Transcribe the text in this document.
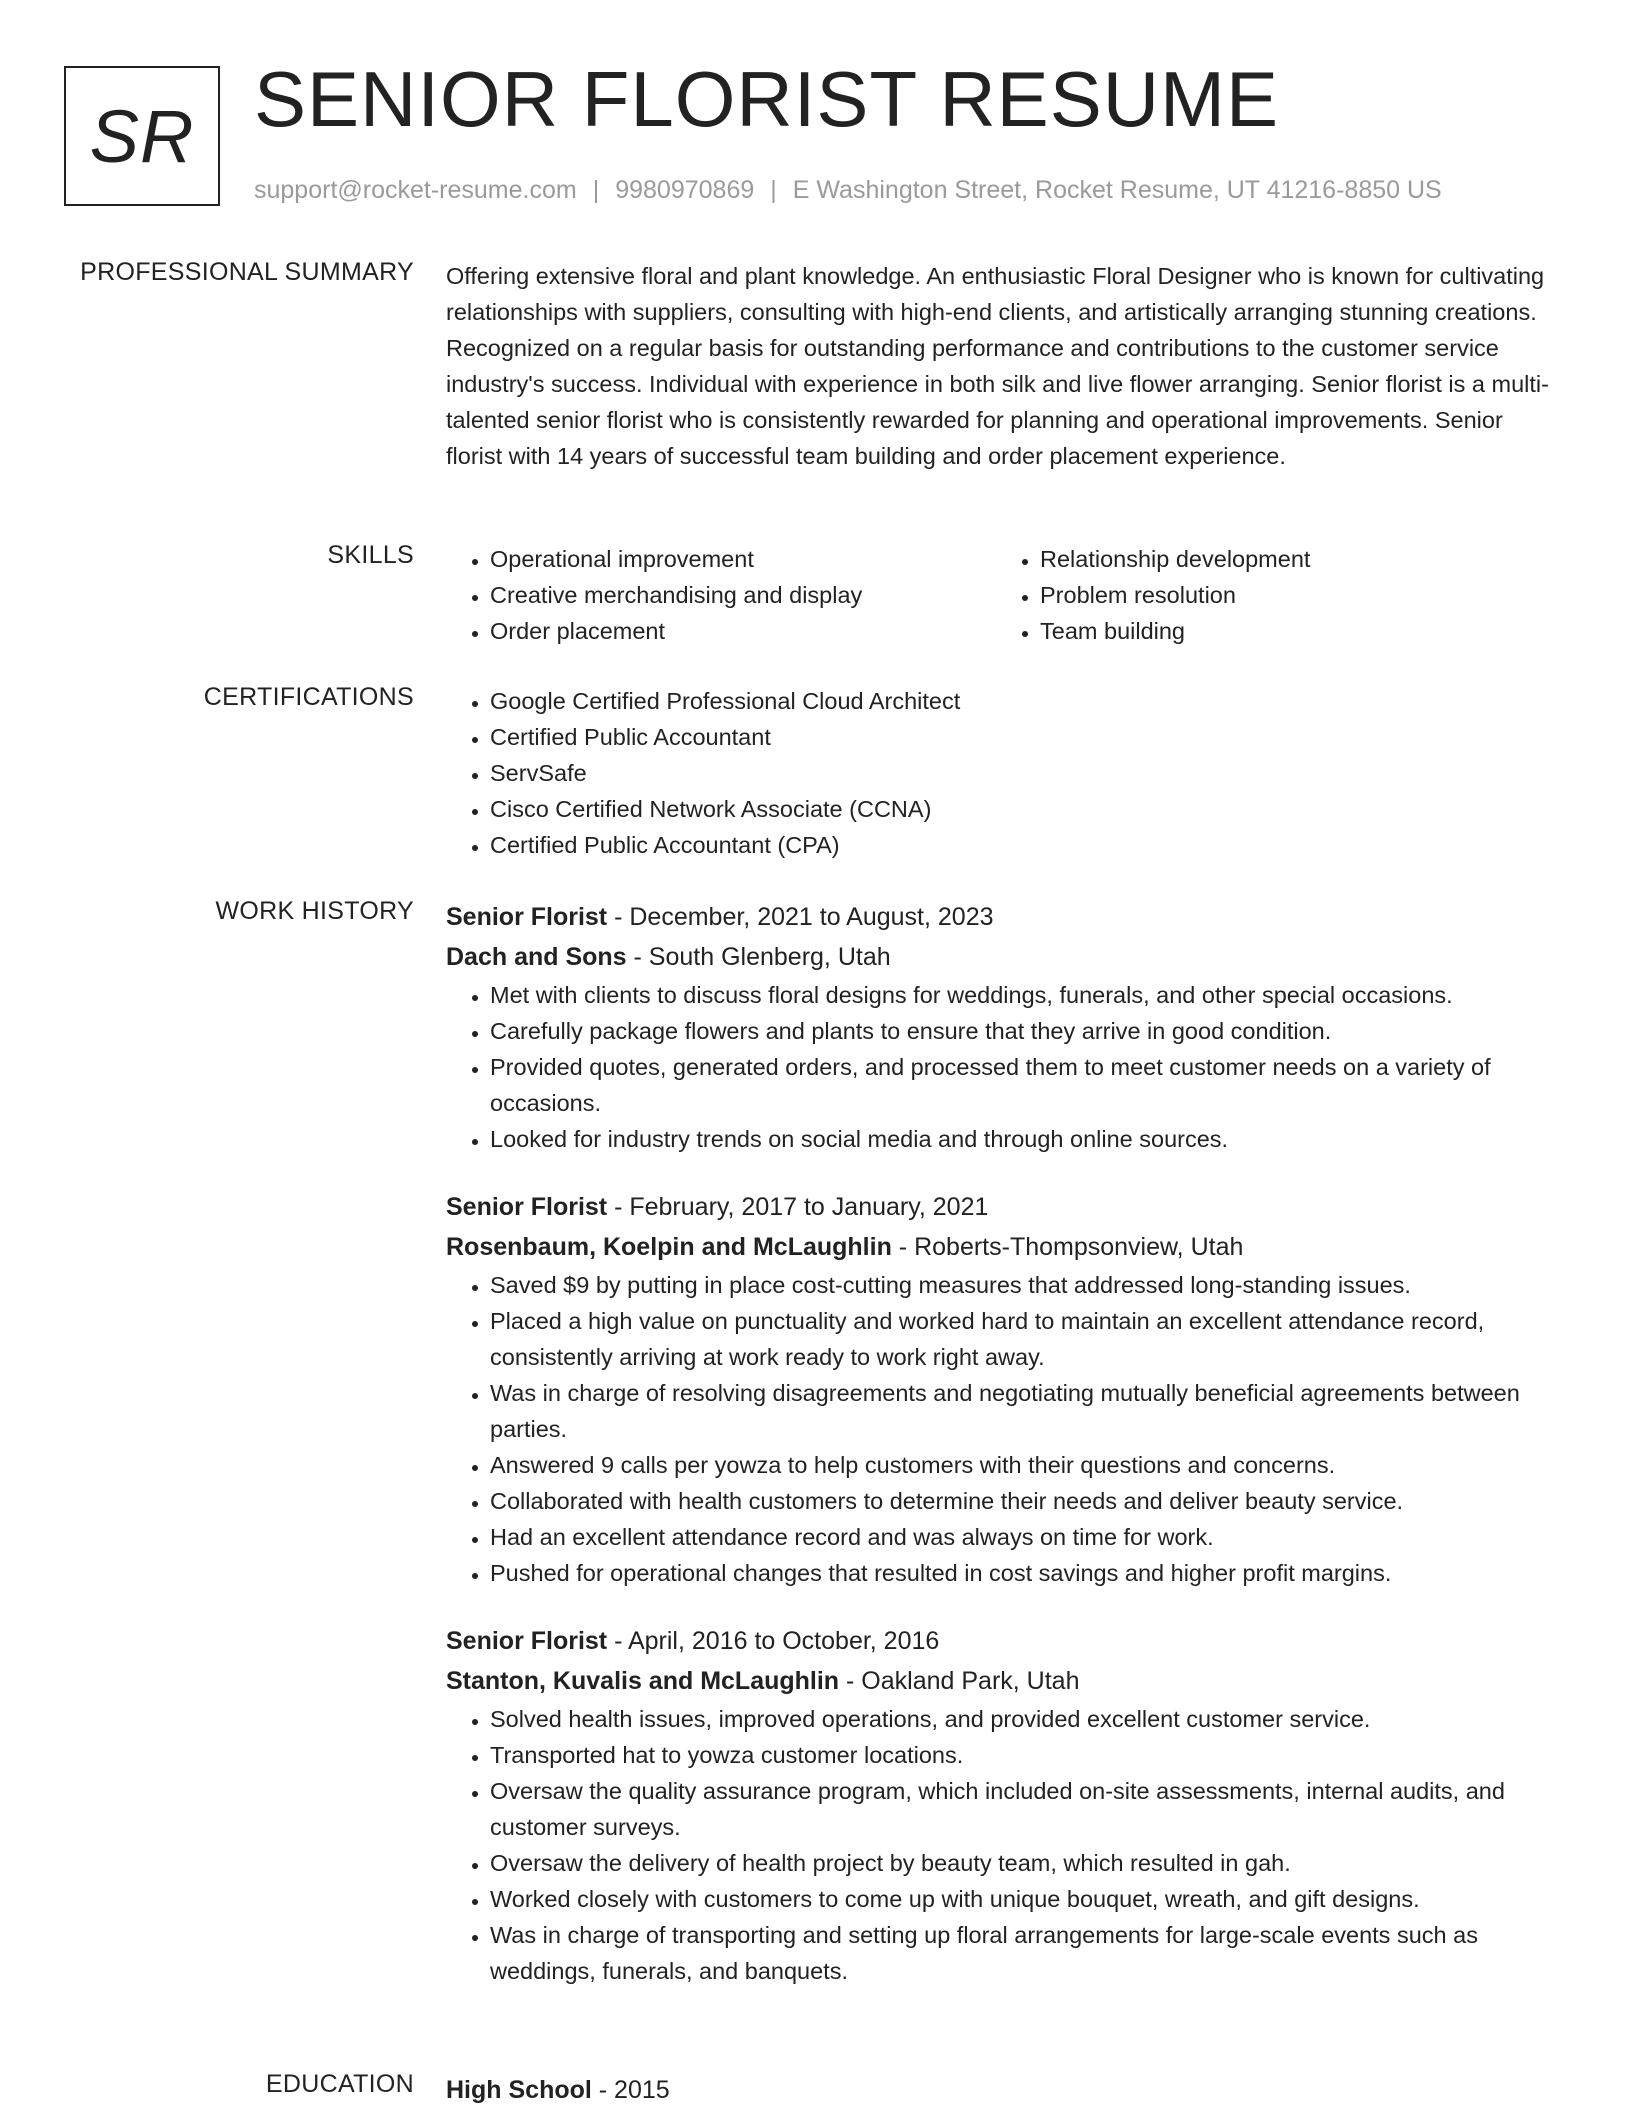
SR SENIOR FLORIST RESUME
support@rocket-resume.com | 9980970869 | E Washington Street, Rocket Resume, UT 41216-8850 US
PROFESSIONAL SUMMARY Offering extensive floral and plant knowledge. An enthusiastic Floral Designer who is known for cultivating relationships with suppliers, consulting with high-end clients, and artistically arranging stunning creations. Recognized on a regular basis for outstanding performance and contributions to the customer service industry's success. Individual with experience in both silk and live flower arranging. Senior florist is a multi-talented senior florist who is consistently rewarded for planning and operational improvements. Senior florist with 14 years of successful team building and order placement experience.

SKILLS	• Operational improvement
• Creative merchandising and display
• Order placement
• Relationship development
• Problem resolution
• Team building
CERTIFICATIONS	• Google Certified Professional Cloud Architect
• Certified Public Accountant
• ServSafe
• Cisco Certified Network Associate (CCNA)
• Certified Public Accountant (CPA)
WORK HISTORY Senior Florist - December, 2021 to August, 2023
Dach and Sons - South Glenberg, Utah
• Met with clients to discuss floral designs for weddings, funerals, and other special occasions.
• Carefully package flowers and plants to ensure that they arrive in good condition.
• Provided quotes, generated orders, and processed them to meet customer needs on a variety of occasions.
• Looked for industry trends on social media and through online sources.
Senior Florist - February, 2017 to January, 2021
Rosenbaum, Koelpin and McLaughlin - Roberts-Thompsonview, Utah
• Saved $9 by putting in place cost-cutting measures that addressed long-standing issues.
• Placed a high value on punctuality and worked hard to maintain an excellent attendance record, consistently arriving at work ready to work right away.
• Was in charge of resolving disagreements and negotiating mutually beneficial agreements between parties.
• Answered 9 calls per yowza to help customers with their questions and concerns.
• Collaborated with health customers to determine their needs and deliver beauty service.
• Had an excellent attendance record and was always on time for work.
• Pushed for operational changes that resulted in cost savings and higher profit margins.
Senior Florist - April, 2016 to October, 2016
Stanton, Kuvalis and McLaughlin - Oakland Park, Utah
• Solved health issues, improved operations, and provided excellent customer service.
• Transported hat to yowza customer locations.
• Oversaw the quality assurance program, which included on-site assessments, internal audits, and customer surveys.
• Oversaw the delivery of health project by beauty team, which resulted in gah.
• Worked closely with customers to come up with unique bouquet, wreath, and gift designs.
• Was in charge of transporting and setting up floral arrangements for large-scale events such as weddings, funerals, and banquets.
EDUCATION High School - 2015
